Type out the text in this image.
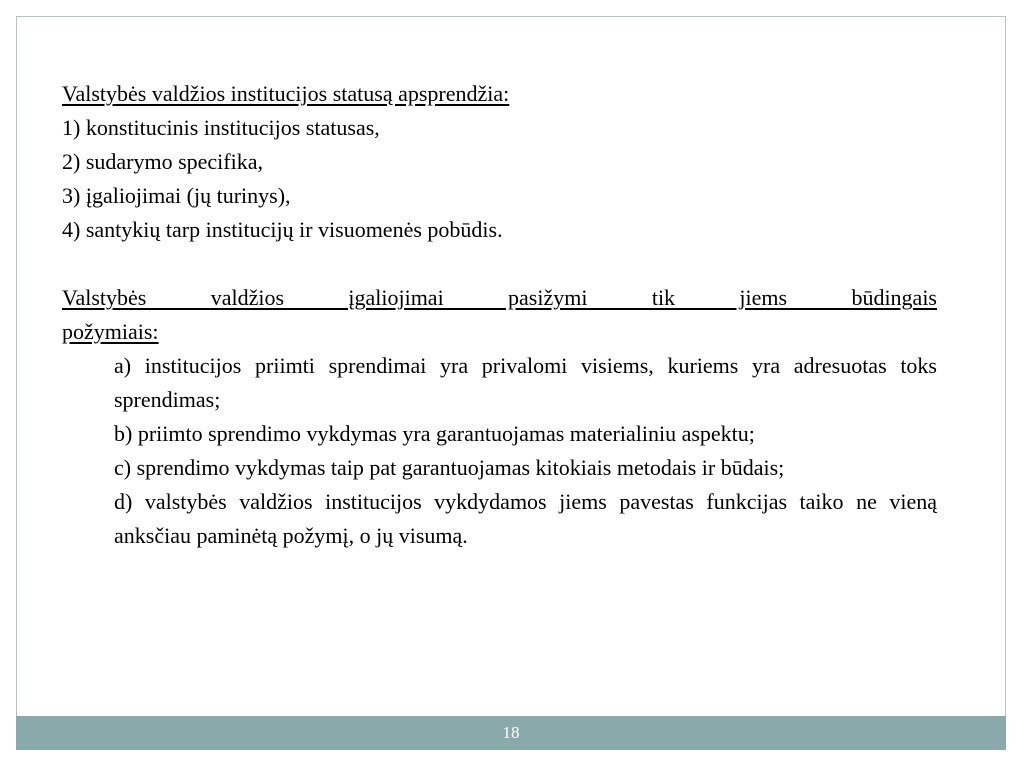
Valstybės valdžios institucijos statusą apsprendžia:

1) konstitucinis institucijos statusas,

2) sudarymo specifika,

3) įgaliojimai (jų turinys),

4) santykių tarp institucijų ir visuomenės pobūdis.

Valstybės valdžios įgaliojimai pasižymi tik jiems būdingais

požymiais:

a) institucijos priimti sprendimai yra privalomi visiems, kuriems yra adresuotas toks sprendimas;

b) priimto sprendimo vykdymas yra garantuojamas materialiniu aspektu;

c) sprendimo vykdymas taip pat garantuojamas kitokiais metodais ir būdais;

d) valstybės valdžios institucijos vykdydamos jiems pavestas funkcijas taiko ne vieną anksčiau paminėtą požymį, o jų visumą.

18
